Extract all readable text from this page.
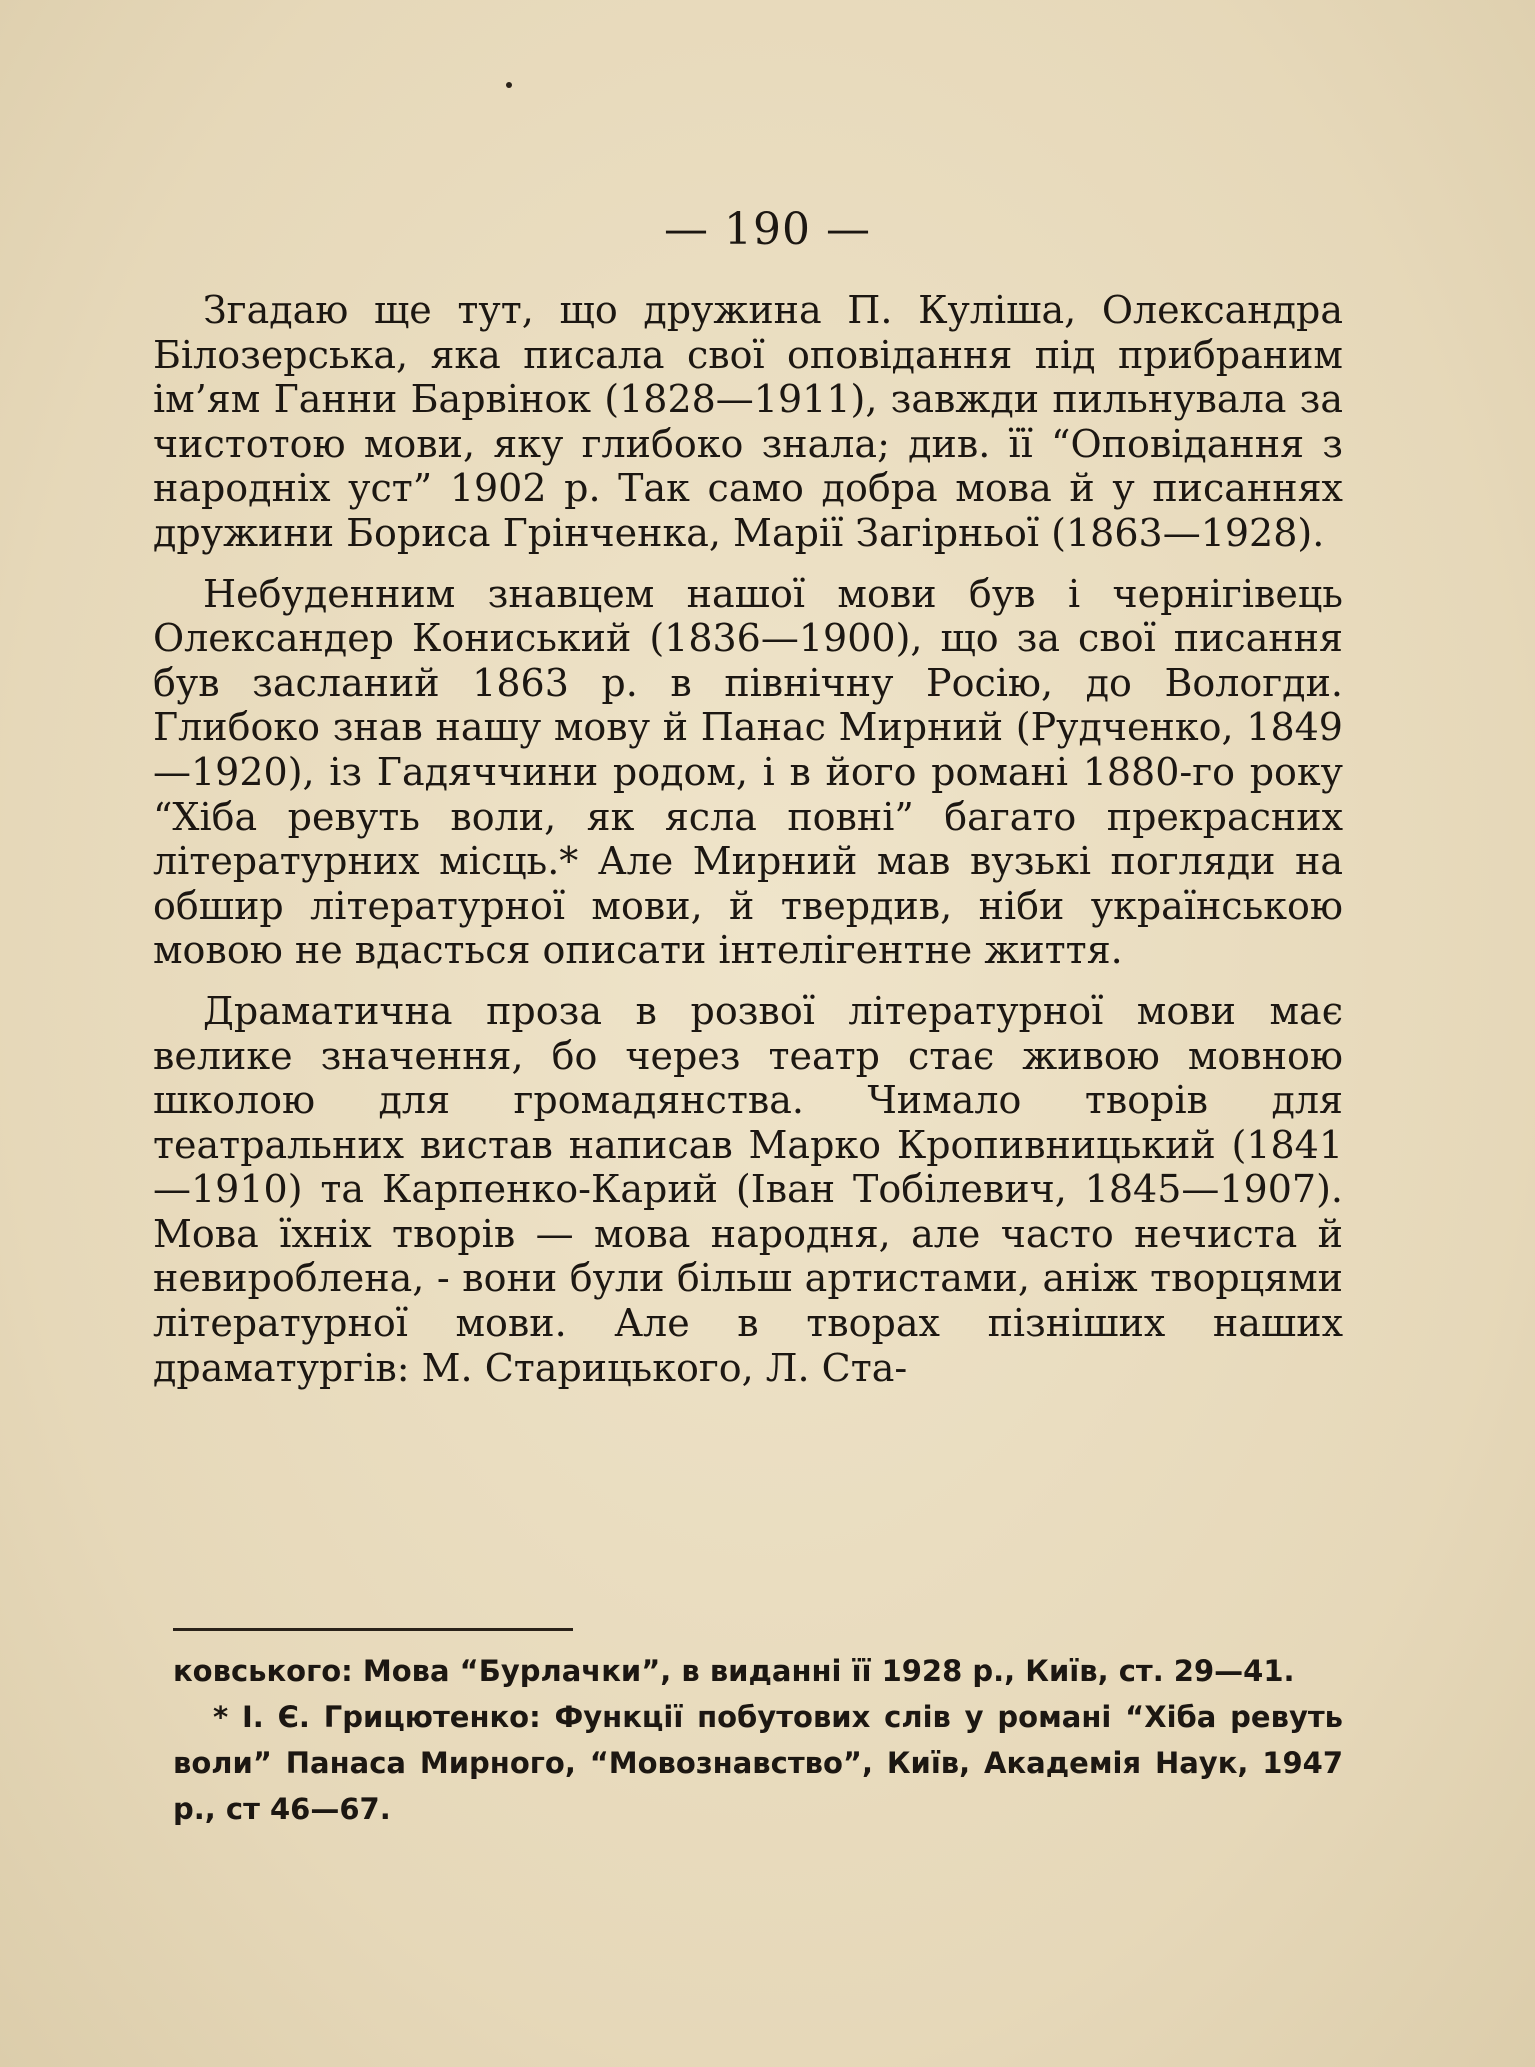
— 190 —

Згадаю ще тут, що дружина П. Куліша, Олександра Білозерська, яка писала свої оповідання під прибраним ім’ям Ганни Барвінок (1828—1911), завжди пильнувала за чистотою мови, яку глибоко знала; див. її “Оповідання з народніх уст” 1902 р. Так само добра мова й у писаннях дружини Бориса Грінченка, Марії Загірньої (1863—1928).

Небуденним знавцем нашої мови був і чернігівець Олександер Кониський (1836—1900), що за свої писання був засланий 1863 р. в північну Росію, до Вологди. Глибоко знав нашу мову й Панас Мирний (Рудченко, 1849—1920), із Гадяччини родом, і в його романі 1880-го року “Хіба ревуть воли, як ясла повні” багато прекрасних літературних місць.* Але Мирний мав вузькі погляди на обшир літературної мови, й твердив, ніби українською мовою не вдасться описати інтелігентне життя.

Драматична проза в розвої літературної мови має велике значення, бо через театр стає живою мовною школою для громадянства. Чимало творів для театральних вистав написав Марко Кропивницький (1841—1910) та Карпенко-Карий (Іван Тобілевич, 1845—1907). Мова їхніх творів — мова народня, але часто нечиста й невироблена, - вони були більш артистами, аніж творцями літературної мови. Але в творах пізніших наших драматургів: М. Старицького, Л. Ста-

ковського: Мова “Бурлачки”, в виданні її 1928 р., Київ, ст. 29—41.

* І. Є. Грицютенко: Функції побутових слів у романі “Хіба ревуть воли” Панаса Мирного, “Мовознавство”, Київ, Академія Наук, 1947 р., ст 46—67.
